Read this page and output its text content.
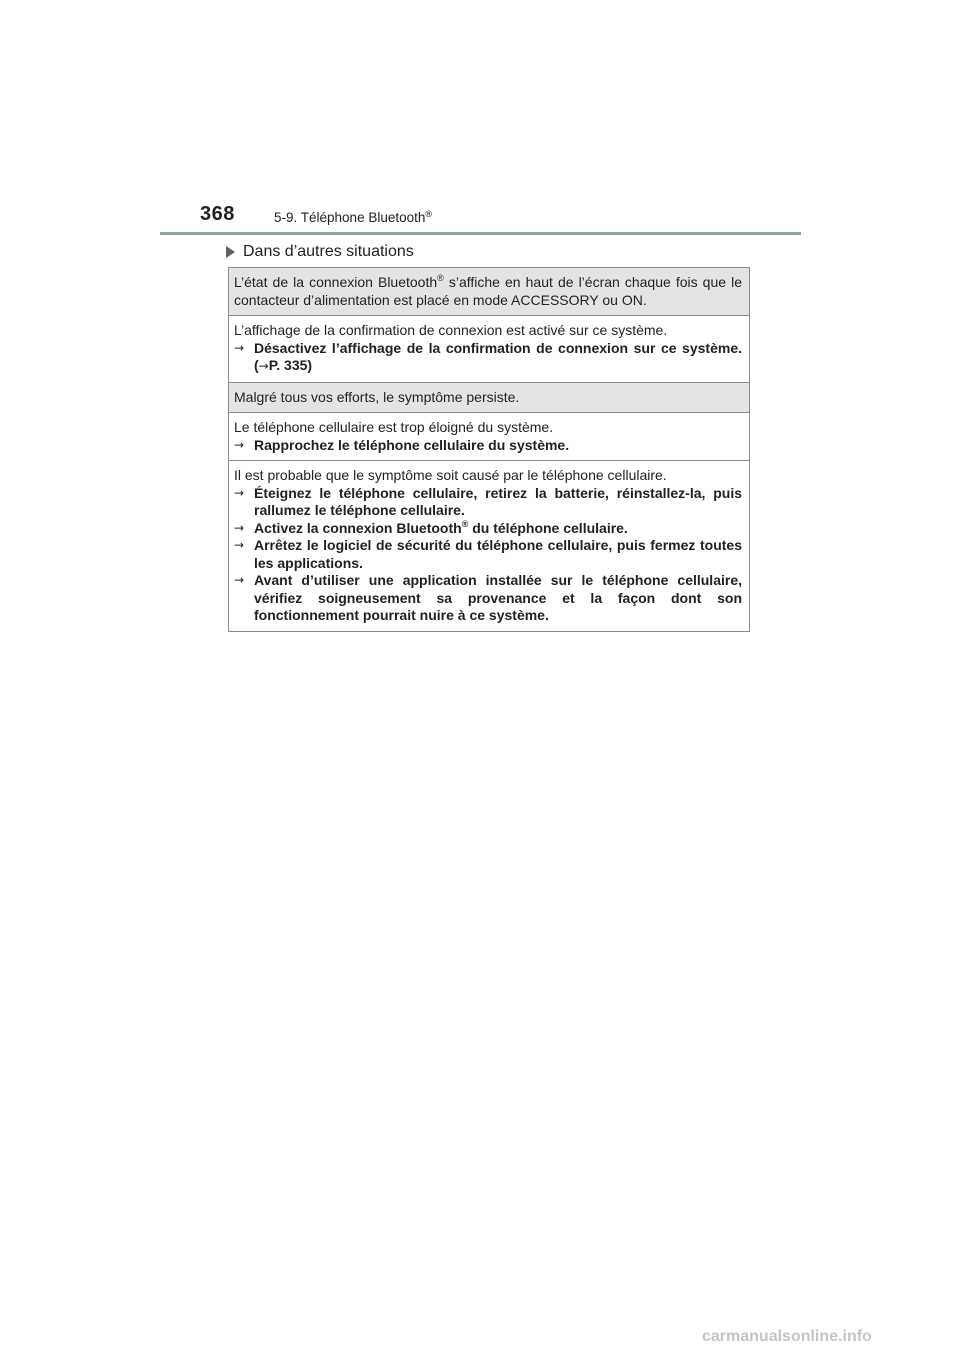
368	5-9. Téléphone Bluetooth®
Dans d’autres situations

L’état de la connexion Bluetooth® s’affiche en haut de l’écran chaque fois que le contacteur d’alimentation est placé en mode ACCESSORY ou ON.

L’affichage de la confirmation de connexion est activé sur ce système.

→ Désactivez l’affichage de la confirmation de connexion sur ce système. (→P. 335)

Malgré tous vos efforts, le symptôme persiste.

Le téléphone cellulaire est trop éloigné du système.

→ Rapprochez le téléphone cellulaire du système.

Il est probable que le symptôme soit causé par le téléphone cellulaire.

→ Éteignez le téléphone cellulaire, retirez la batterie, réinstallez-la, puis rallumez le téléphone cellulaire.
→ Activez la connexion Bluetooth® du téléphone cellulaire.
→ Arrêtez le logiciel de sécurité du téléphone cellulaire, puis fermez toutes les applications.
→ Avant d’utiliser une application installée sur le téléphone cellulaire, vérifiez soigneusement sa provenance et la façon dont son fonctionnement pourrait nuire à ce système.
carmanualsonline.info
